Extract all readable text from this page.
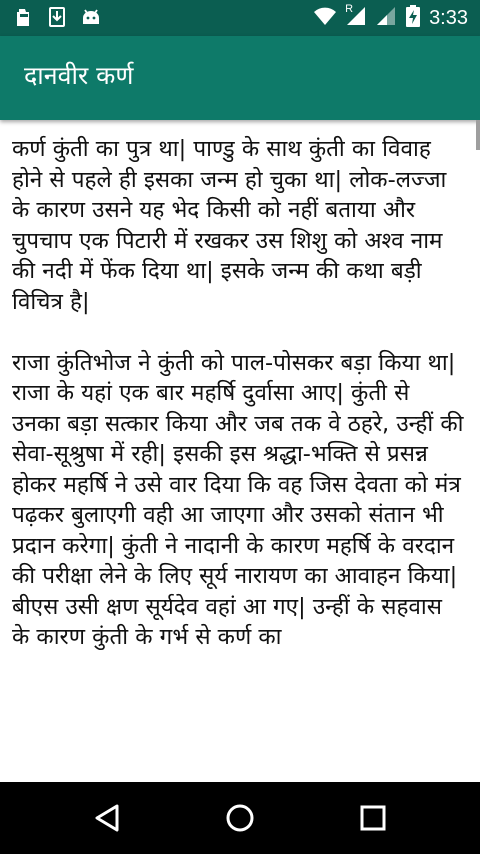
R	3:33
दानवीर कर्ण

कर्ण कुंती का पुत्र था| पाण्डु के साथ कुंती का विवाह होने से पहले ही इसका जन्म हो चुका था| लोक-लज्जा के कारण उसने यह भेद किसी को नहीं बताया और चुपचाप एक पिटारी में रखकर उस शिशु को अश्व नाम की नदी में फेंक दिया था| इसके जन्म की कथा बड़ी विचित्र है|

राजा कुंतिभोज ने कुंती को पाल-पोसकर बड़ा किया था| राजा के यहां एक बार महर्षि दुर्वासा आए| कुंती से उनका बड़ा सत्कार किया और जब तक वे ठहरे, उन्हीं की सेवा-सूश्रुषा में रही| इसकी इस श्रद्धा-भक्ति से प्रसन्न होकर महर्षि ने उसे वार दिया कि वह जिस देवता को मंत्र पढ़कर बुलाएगी वही आ जाएगा और उसको संतान भी प्रदान करेगा| कुंती ने नादानी के कारण महर्षि के वरदान की परीक्षा लेने के लिए सूर्य नारायण का आवाहन किया| बीएस उसी क्षण सूर्यदेव वहां आ गए| उन्हीं के सहवास के कारण कुंती के गर्भ से कर्ण का
